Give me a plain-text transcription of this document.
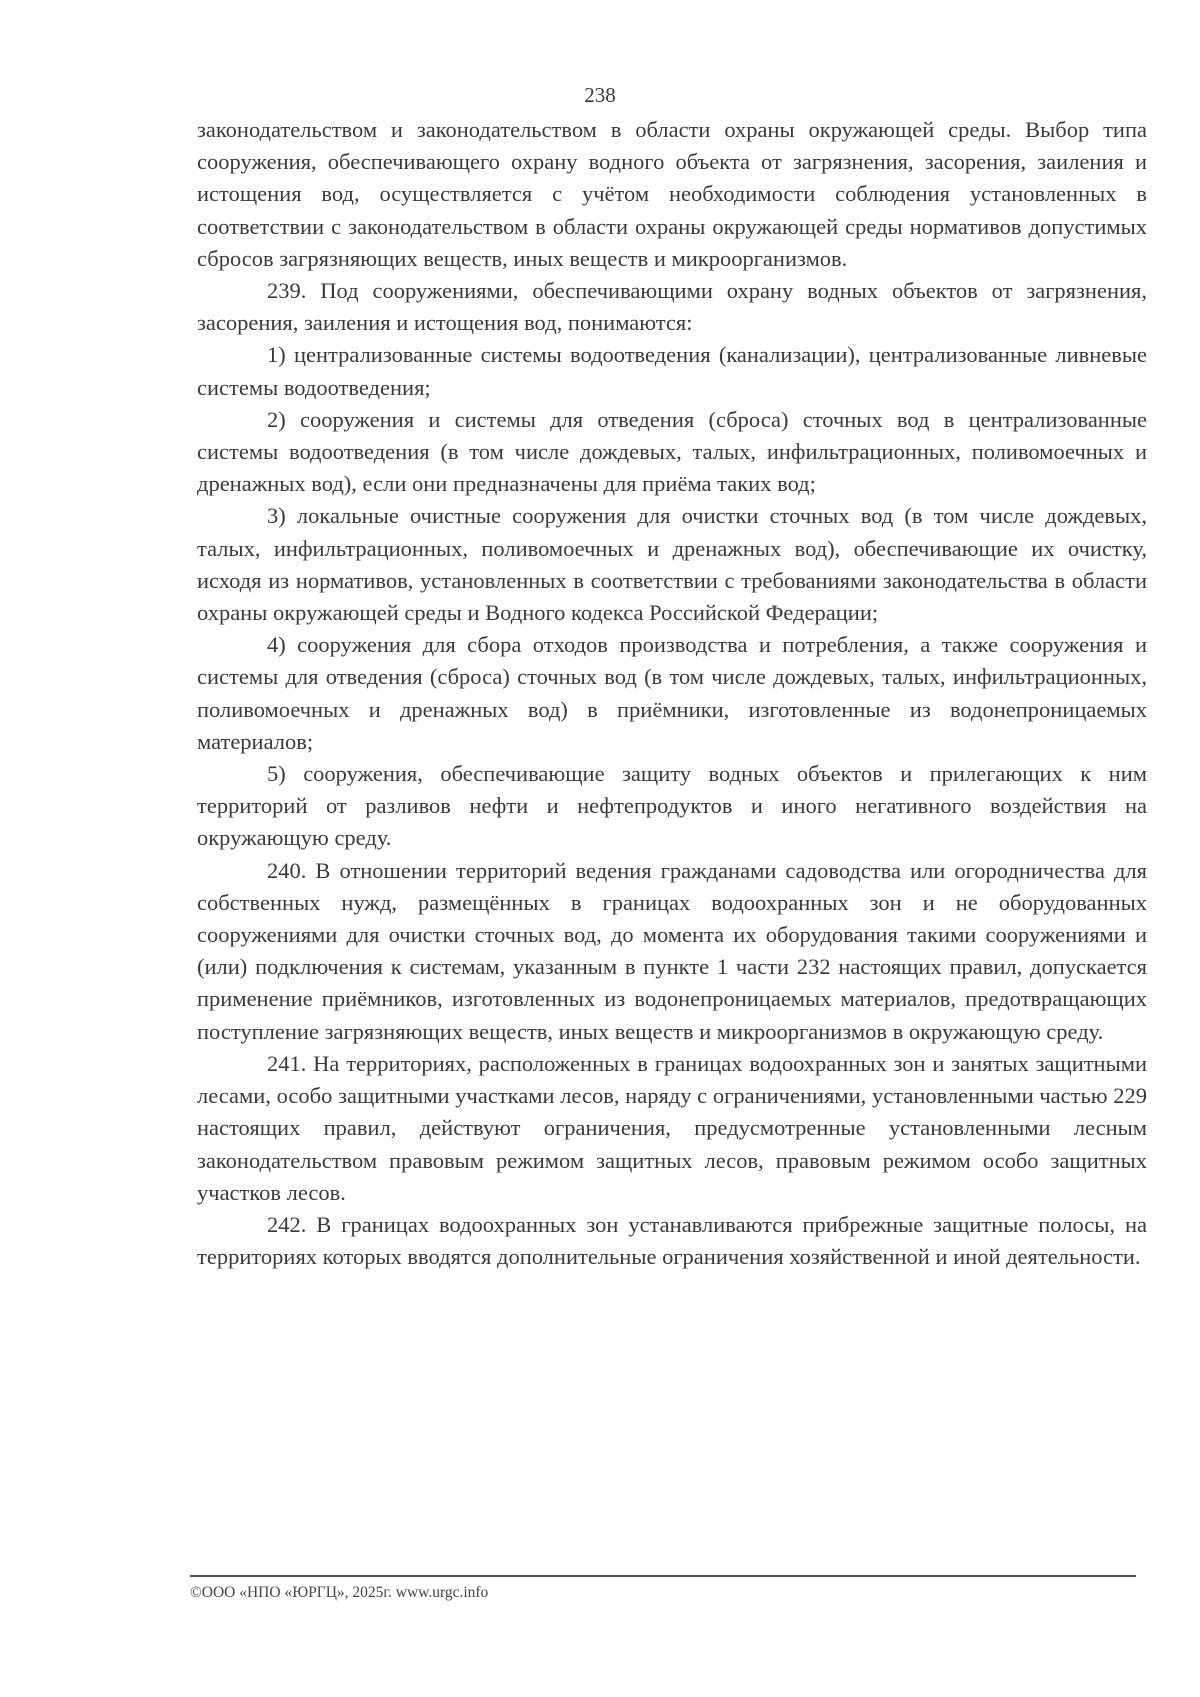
238

законодательством и законодательством в области охраны окружающей среды. Выбор типа сооружения, обеспечивающего охрану водного объекта от загрязнения, засорения, заиления и истощения вод, осуществляется с учётом необходимости соблюдения установленных в соответствии с законодательством в области охраны окружающей среды нормативов допустимых сбросов загрязняющих веществ, иных веществ и микроорганизмов.

239. Под сооружениями, обеспечивающими охрану водных объектов от загрязнения, засорения, заиления и истощения вод, понимаются:

1) централизованные системы водоотведения (канализации), централизованные ливневые системы водоотведения;

2) сооружения и системы для отведения (сброса) сточных вод в централизованные системы водоотведения (в том числе дождевых, талых, инфильтрационных, поливомоечных и дренажных вод), если они предназначены для приёма таких вод;

3) локальные очистные сооружения для очистки сточных вод (в том числе дождевых, талых, инфильтрационных, поливомоечных и дренажных вод), обеспечивающие их очистку, исходя из нормативов, установленных в соответствии с требованиями законодательства в области охраны окружающей среды и Водного кодекса Российской Федерации;

4) сооружения для сбора отходов производства и потребления, а также сооружения и системы для отведения (сброса) сточных вод (в том числе дождевых, талых, инфильтрационных, поливомоечных и дренажных вод) в приёмники, изготовленные из водонепроницаемых материалов;

5) сооружения, обеспечивающие защиту водных объектов и прилегающих к ним территорий от разливов нефти и нефтепродуктов и иного негативного воздействия на окружающую среду.

240. В отношении территорий ведения гражданами садоводства или огородничества для собственных нужд, размещённых в границах водоохранных зон и не оборудованных сооружениями для очистки сточных вод, до момента их оборудования такими сооружениями и (или) подключения к системам, указанным в пункте 1 части 232 настоящих правил, допускается применение приёмников, изготовленных из водонепроницаемых материалов, предотвращающих поступление загрязняющих веществ, иных веществ и микроорганизмов в окружающую среду.

241. На территориях, расположенных в границах водоохранных зон и занятых защитными лесами, особо защитными участками лесов, наряду с ограничениями, установленными частью 229 настоящих правил, действуют ограничения, предусмотренные установленными лесным законодательством правовым режимом защитных лесов, правовым режимом особо защитных участков лесов.

242. В границах водоохранных зон устанавливаются прибрежные защитные полосы, на территориях которых вводятся дополнительные ограничения хозяйственной и иной деятельности.

©ООО «НПО «ЮРГЦ», 2025г. www.urgc.info
